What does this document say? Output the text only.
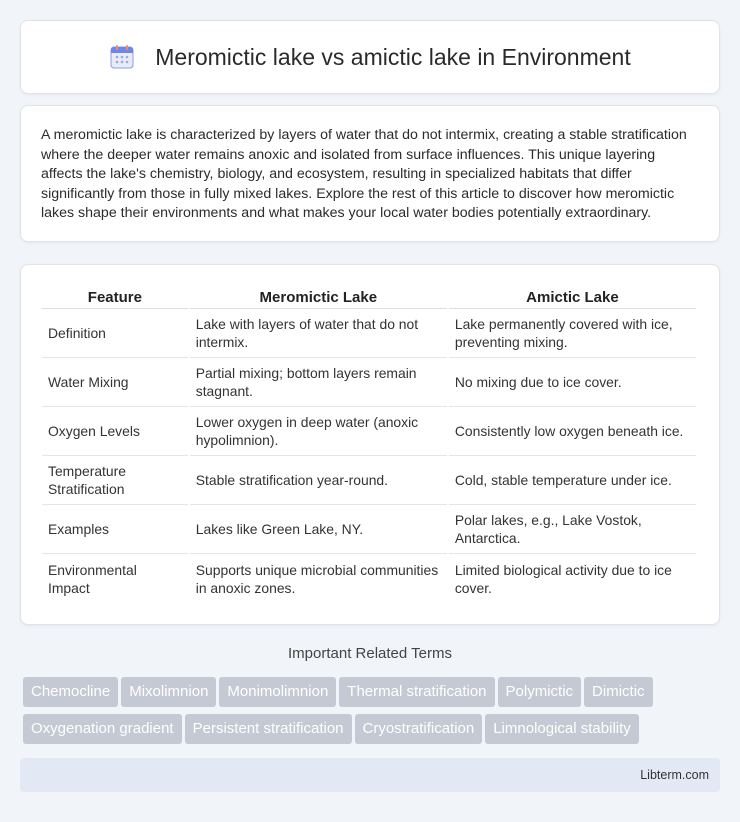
Meromictic lake vs amictic lake in Environment

A meromictic lake is characterized by layers of water that do not intermix, creating a stable stratification where the deeper water remains anoxic and isolated from surface influences. This unique layering affects the lake's chemistry, biology, and ecosystem, resulting in specialized habitats that differ significantly from those in fully mixed lakes. Explore the rest of this article to discover how meromictic lakes shape their environments and what makes your local water bodies potentially extraordinary.

Feature	Meromictic Lake	Amictic Lake
Definition	Lake with layers of water that do not intermix.	Lake permanently covered with ice, preventing mixing.
Water Mixing	Partial mixing; bottom layers remain stagnant.	No mixing due to ice cover.
Oxygen Levels	Lower oxygen in deep water (anoxic hypolimnion).	Consistently low oxygen beneath ice.
Temperature Stratification	Stable stratification year-round.	Cold, stable temperature under ice.
Examples	Lakes like Green Lake, NY.	Polar lakes, e.g., Lake Vostok, Antarctica.
Environmental Impact	Supports unique microbial communities in anoxic zones.	Limited biological activity due to ice cover.
Important Related Terms
Chemocline Mixolimnion Monimolimnion Thermal stratification Polymictic DimicticOxygenation gradient Persistent stratification Cryostratification Limnological stability
Libterm.com
